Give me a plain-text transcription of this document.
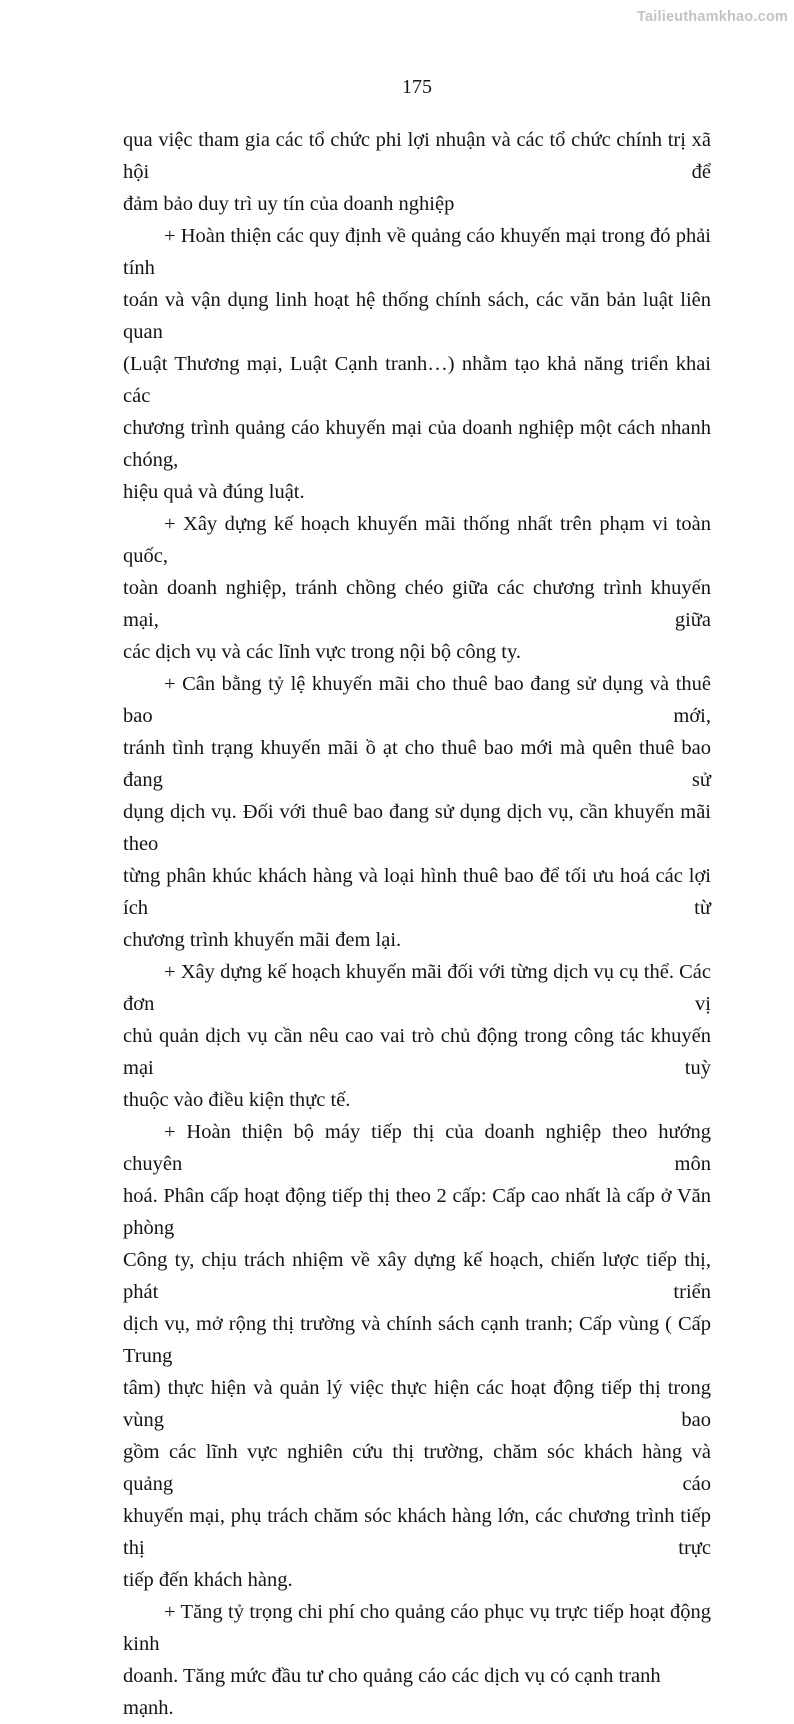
Tailieuthamkhao.com
175
qua việc tham gia các tổ chức phi lợi nhuận và các tổ chức chính trị xã hội để
đảm bảo duy trì uy tín của doanh nghiệp
+ Hoàn thiện các quy định về quảng cáo khuyến mại trong đó phải tính
toán và vận dụng linh hoạt hệ thống chính sách, các văn bản luật liên quan
(Luật Thương mại, Luật Cạnh tranh…) nhằm tạo khả năng triển khai các
chương trình quảng cáo khuyến mại của doanh nghiệp một cách nhanh chóng,
hiệu quả và đúng luật.
+ Xây dựng kế hoạch khuyến mãi thống nhất trên phạm vi toàn quốc,
toàn doanh nghiệp, tránh chồng chéo giữa các chương trình khuyến mại, giữa
các dịch vụ và các lĩnh vực trong nội bộ công ty.
+ Cân bằng tỷ lệ khuyến mãi cho thuê bao đang sử dụng và thuê bao mới,
tránh tình trạng khuyến mãi ồ ạt cho thuê bao mới mà quên thuê bao đang sử
dụng dịch vụ. Đối với thuê bao đang sử dụng dịch vụ, cần khuyến mãi theo
từng phân khúc khách hàng và loại hình thuê bao để tối ưu hoá các lợi ích từ
chương trình khuyến mãi đem lại.
+ Xây dựng kế hoạch khuyến mãi đối với từng dịch vụ cụ thể. Các đơn vị
chủ quản dịch vụ cần nêu cao vai trò chủ động trong công tác khuyến mại tuỳ
thuộc vào điều kiện thực tế.
+ Hoàn thiện bộ máy tiếp thị của doanh nghiệp theo hướng chuyên môn
hoá. Phân cấp hoạt động tiếp thị theo 2 cấp: Cấp cao nhất là cấp ở Văn phòng
Công ty, chịu trách nhiệm về xây dựng kế hoạch, chiến lược tiếp thị, phát triển
dịch vụ, mở rộng thị trường và chính sách cạnh tranh; Cấp vùng ( Cấp Trung
tâm) thực hiện và quản lý việc thực hiện các hoạt động tiếp thị trong vùng bao
gồm các lĩnh vực nghiên cứu thị trường, chăm sóc khách hàng và quảng cáo
khuyến mại, phụ trách chăm sóc khách hàng lớn, các chương trình tiếp thị trực
tiếp đến khách hàng.
+ Tăng tỷ trọng chi phí cho quảng cáo phục vụ trực tiếp hoạt động kinh
doanh. Tăng mức đầu tư cho quảng cáo các dịch vụ có cạnh tranh mạnh.
